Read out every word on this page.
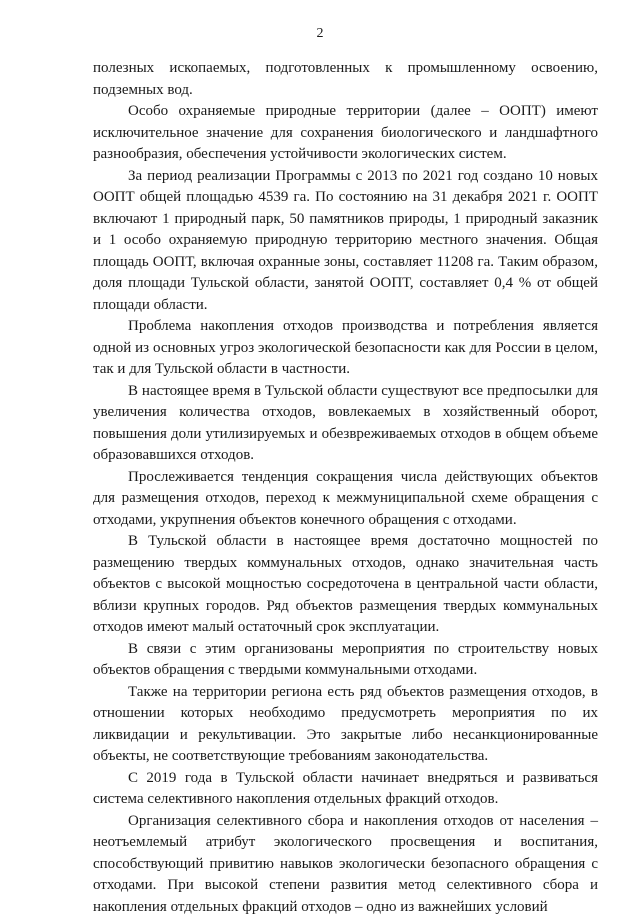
2

полезных ископаемых, подготовленных к промышленному освоению, подземных вод.

Особо охраняемые природные территории (далее – ООПТ) имеют исключительное значение для сохранения биологического и ландшафтного разнообразия, обеспечения устойчивости экологических систем.

За период реализации Программы с 2013 по 2021 год создано 10 новых ООПТ общей площадью 4539 га. По состоянию на 31 декабря 2021 г. ООПТ включают 1 природный парк, 50 памятников природы, 1 природный заказник и 1 особо охраняемую природную территорию местного значения. Общая площадь ООПТ, включая охранные зоны, составляет 11208 га. Таким образом, доля площади Тульской области, занятой ООПТ, составляет 0,4 % от общей площади области.

Проблема накопления отходов производства и потребления является одной из основных угроз экологической безопасности как для России в целом, так и для Тульской области в частности.

В настоящее время в Тульской области существуют все предпосылки для увеличения количества отходов, вовлекаемых в хозяйственный оборот, повышения доли утилизируемых и обезвреживаемых отходов в общем объеме образовавшихся отходов.

Прослеживается тенденция сокращения числа действующих объектов для размещения отходов, переход к межмуниципальной схеме обращения с отходами, укрупнения объектов конечного обращения с отходами.

В Тульской области в настоящее время достаточно мощностей по размещению твердых коммунальных отходов, однако значительная часть объектов с высокой мощностью сосредоточена в центральной части области, вблизи крупных городов. Ряд объектов размещения твердых коммунальных отходов имеют малый остаточный срок эксплуатации.

В связи с этим организованы мероприятия по строительству новых объектов обращения с твердыми коммунальными отходами.

Также на территории региона есть ряд объектов размещения отходов, в отношении которых необходимо предусмотреть мероприятия по их ликвидации и рекультивации. Это закрытые либо несанкционированные объекты, не соответствующие требованиям законодательства.

С 2019 года в Тульской области начинает внедряться и развиваться система селективного накопления отдельных фракций отходов.

Организация селективного сбора и накопления отходов от населения – неотъемлемый атрибут экологического просвещения и воспитания, способствующий привитию навыков экологически безопасного обращения с отходами. При высокой степени развития метод селективного сбора и накопления отдельных фракций отходов – одно из важнейших условий
